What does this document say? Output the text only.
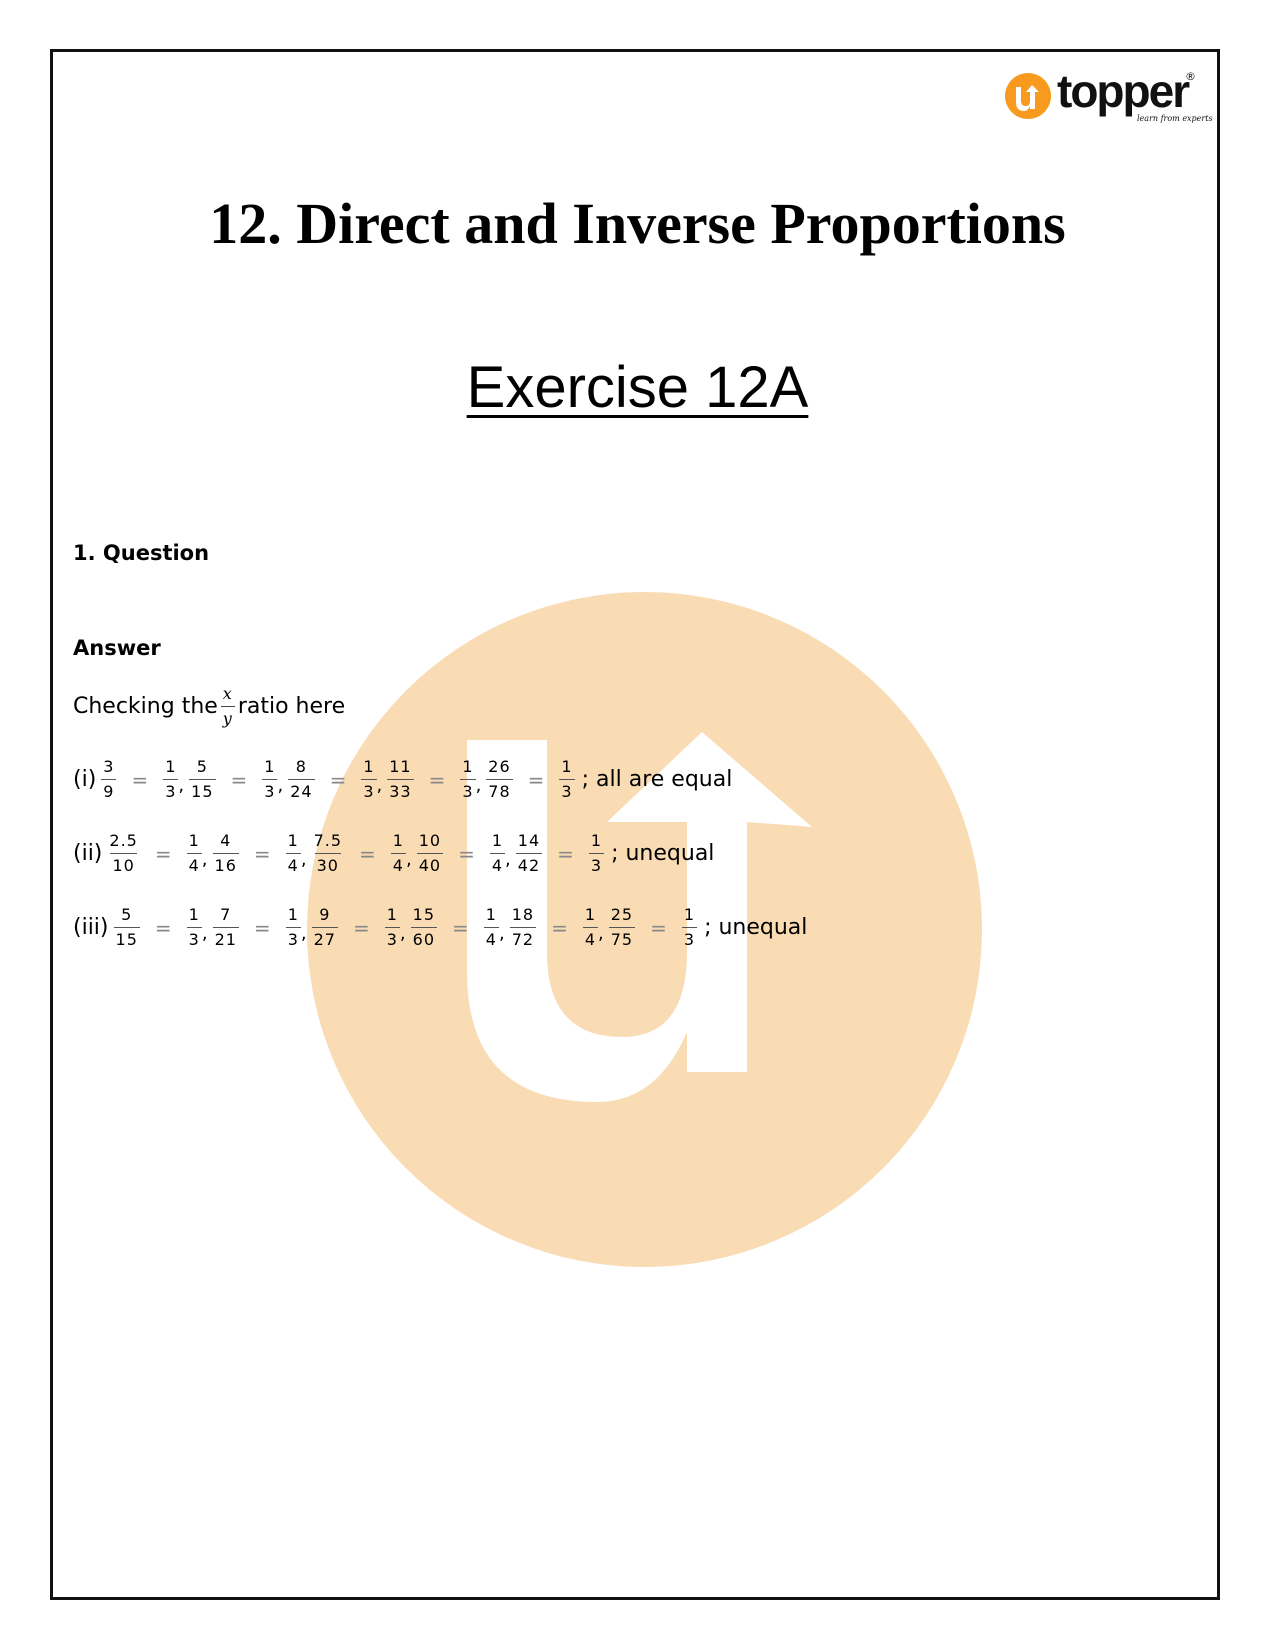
topper
®
learn from experts
12. Direct and Inverse Proportions
Exercise 12A
1. Question
Answer
Checking the $\frac{x}{y}$ ratio here
$(i) \frac{3}{9} = \frac{1}{3}$ , $\frac{5}{15} = \frac{1}{3}$ , $\frac{8}{24} = \frac{1}{3}$ , $\frac{11}{33} = \frac{1}{3}$ , $\frac{26}{78} = \frac{1}{3}$ ; all are equal
$(ii) \frac{2.5}{10} = \frac{1}{4}$ , $\frac{4}{16} = \frac{1}{4}$ , $\frac{7.5}{30} = \frac{1}{4}$ , $\frac{10}{40} = \frac{1}{4}$ , $\frac{14}{42} = \frac{1}{3}$ ; unequal
$(iii) \frac{5}{15} = \frac{1}{3}$ , $\frac{7}{21} = \frac{1}{3}$ , $\frac{9}{27} = \frac{1}{3}$ , $\frac{15}{60} = \frac{1}{4}$ , $\frac{18}{72} = \frac{1}{4}$ , $\frac{25}{75} = \frac{1}{3}$ ; unequal
